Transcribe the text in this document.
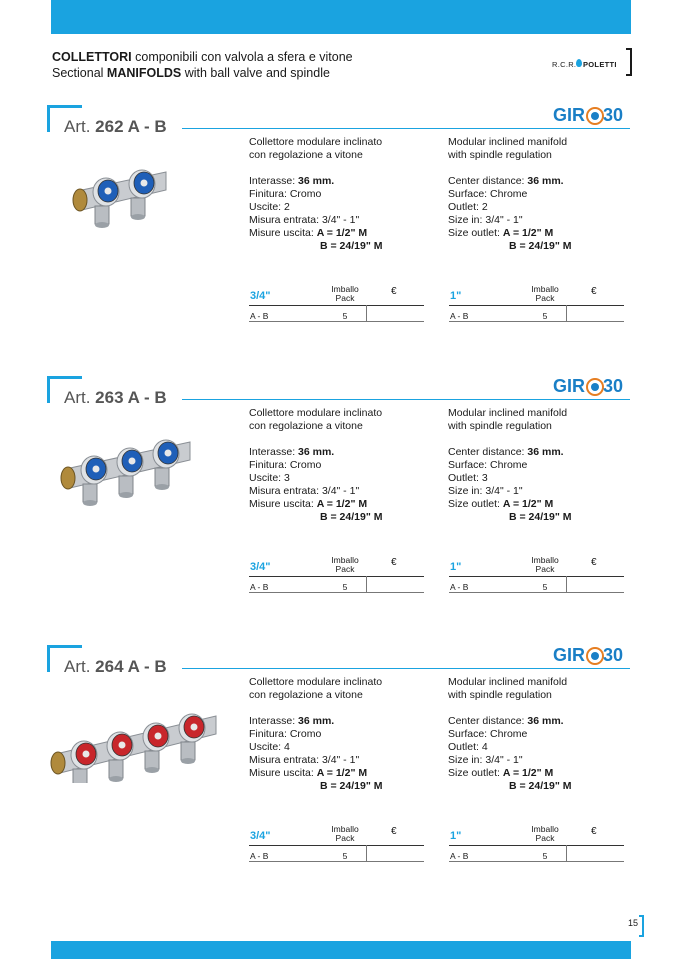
COLLETTORI componibili con valvola a sfera e vitone
Sectional MANIFOLDS with ball valve and spindle
R.C.R. POLETTI
Art. 262 A - B
GIR 30
Collettore modulare inclinato
con regolazione a vitone
Interasse: 36 mm.
Finitura: Cromo
Uscite: 2
Misura entrata: 3/4" - 1"
Misure uscita: A = 1/2" M
B = 24/19" M
Modular inclined manifold
with spindle regulation
Center distance: 36 mm.
Surface: Chrome
Outlet: 2
Size in: 3/4" - 1"
Size outlet: A = 1/2" M
B = 24/19" M
3/4"
Imballo
Pack
€
A - B	5
1"
Imballo
Pack
€
A - B	5
Art. 263 A - B
GIR 30
Collettore modulare inclinato
con regolazione a vitone
Interasse: 36 mm.
Finitura: Cromo
Uscite: 3
Misura entrata: 3/4" - 1"
Misure uscita: A = 1/2" M
B = 24/19" M
Modular inclined manifold
with spindle regulation
Center distance: 36 mm.
Surface: Chrome
Outlet: 3
Size in: 3/4" - 1"
Size outlet: A = 1/2" M
B = 24/19" M
3/4"
Imballo
Pack
€
A - B	5
1"
Imballo
Pack
€
A - B	5
Art. 264 A - B
GIR 30
Collettore modulare inclinato
con regolazione a vitone
Interasse: 36 mm.
Finitura: Cromo
Uscite: 4
Misura entrata: 3/4" - 1"
Misure uscita: A = 1/2" M
B = 24/19" M
Modular inclined manifold
with spindle regulation
Center distance: 36 mm.
Surface: Chrome
Outlet: 4
Size in: 3/4" - 1"
Size outlet: A = 1/2" M
B = 24/19" M
3/4"
Imballo
Pack
€
A - B	5
1"
Imballo
Pack
€
A - B	5
15
